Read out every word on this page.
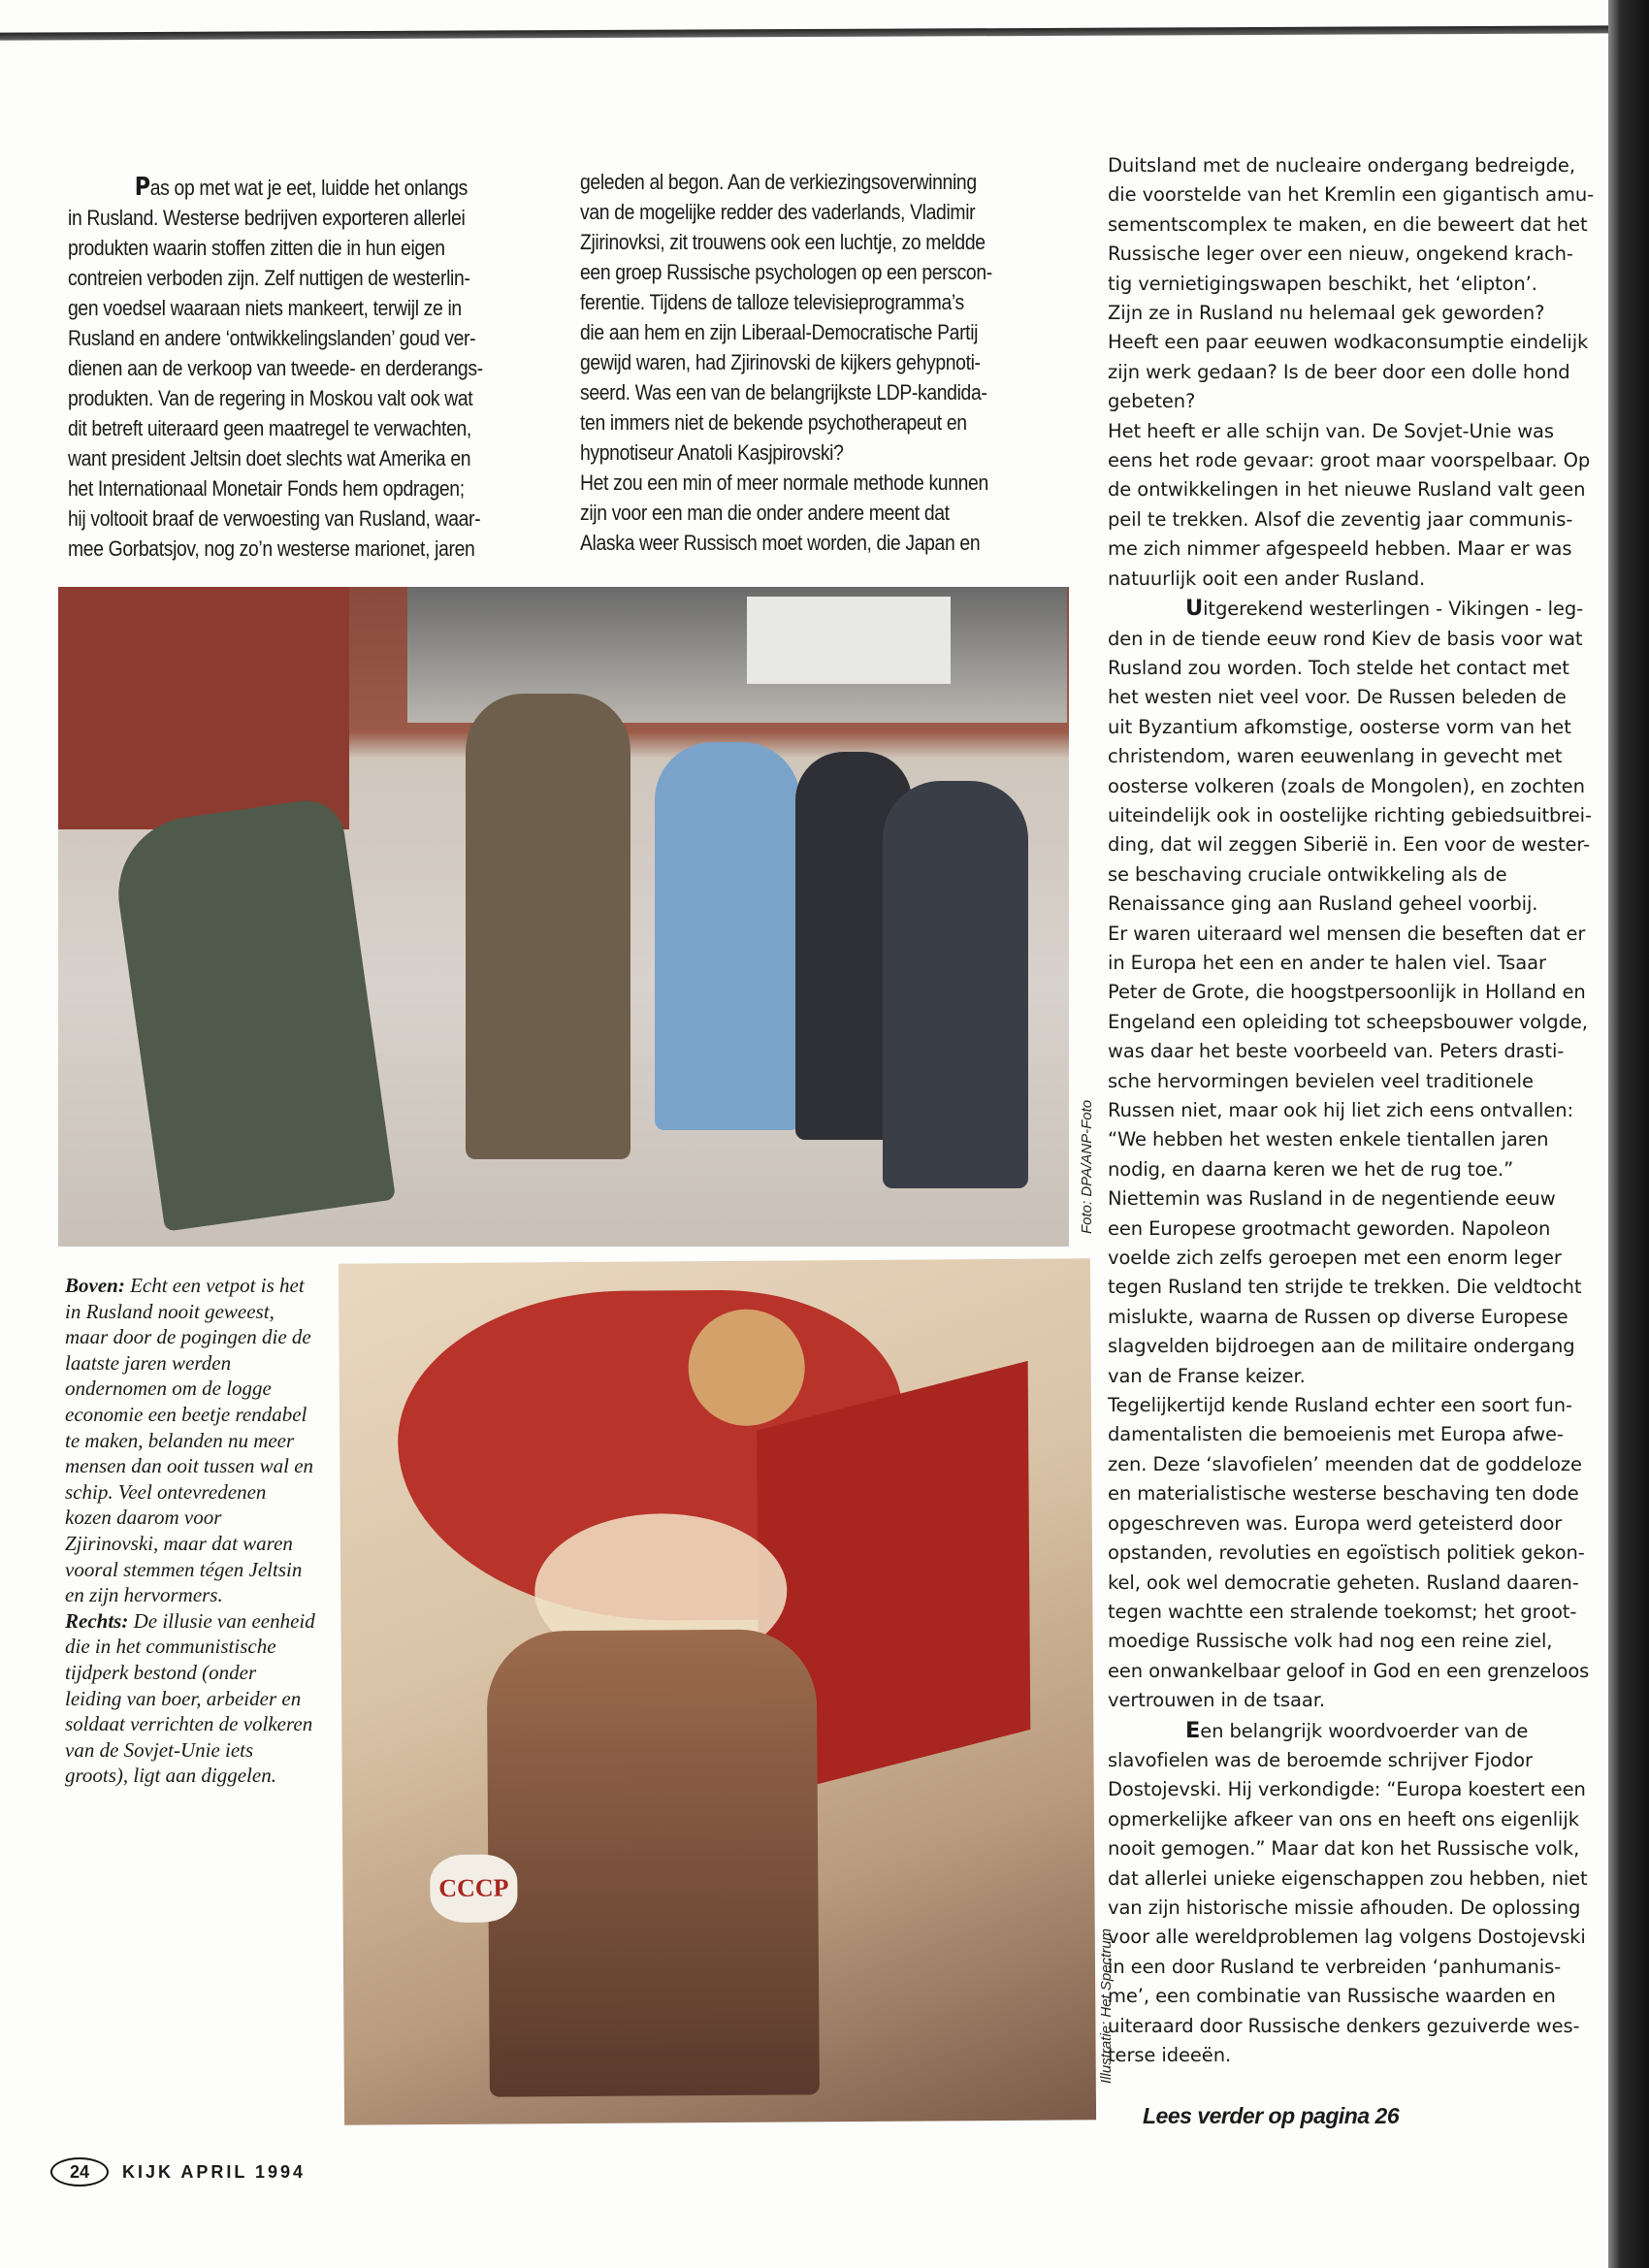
Pas op met wat je eet, luidde het onlangs
in Rusland. Westerse bedrijven exporteren allerlei
produkten waarin stoffen zitten die in hun eigen
contreien verboden zijn. Zelf nuttigen de westerlin-
gen voedsel waaraan niets mankeert, terwijl ze in
Rusland en andere ‘ontwikkelingslanden’ goud ver-
dienen aan de verkoop van tweede- en derderangs-
produkten. Van de regering in Moskou valt ook wat
dit betreft uiteraard geen maatregel te verwachten,
want president Jeltsin doet slechts wat Amerika en
het Internationaal Monetair Fonds hem opdragen;
hij voltooit braaf de verwoesting van Rusland, waar-
mee Gorbatsjov, nog zo’n westerse marionet, jaren
geleden al begon. Aan de verkiezingsoverwinning
van de mogelijke redder des vaderlands, Vladimir
Zjirinovksi, zit trouwens ook een luchtje, zo meldde
een groep Russische psychologen op een perscon-
ferentie. Tijdens de talloze televisieprogramma’s
die aan hem en zijn Liberaal-Democratische Partij
gewijd waren, had Zjirinovski de kijkers gehypnoti-
seerd. Was een van de belangrijkste LDP-kandida-
ten immers niet de bekende psychotherapeut en
hypnotiseur Anatoli Kasjpirovski?
Het zou een min of meer normale methode kunnen
zijn voor een man die onder andere meent dat
Alaska weer Russisch moet worden, die Japan en
Duitsland met de nucleaire ondergang bedreigde,
die voorstelde van het Kremlin een gigantisch amu-
sementscomplex te maken, en die beweert dat het
Russische leger over een nieuw, ongekend krach-
tig vernietigingswapen beschikt, het ‘elipton’.
Zijn ze in Rusland nu helemaal gek geworden?
Heeft een paar eeuwen wodkaconsumptie eindelijk
zijn werk gedaan? Is de beer door een dolle hond
gebeten?
Het heeft er alle schijn van. De Sovjet-Unie was
eens het rode gevaar: groot maar voorspelbaar. Op
de ontwikkelingen in het nieuwe Rusland valt geen
peil te trekken. Alsof die zeventig jaar communis-
me zich nimmer afgespeeld hebben. Maar er was
natuurlijk ooit een ander Rusland.
Uitgerekend westerlingen - Vikingen - leg-
den in de tiende eeuw rond Kiev de basis voor wat
Rusland zou worden. Toch stelde het contact met
het westen niet veel voor. De Russen beleden de
uit Byzantium afkomstige, oosterse vorm van het
christendom, waren eeuwenlang in gevecht met
oosterse volkeren (zoals de Mongolen), en zochten
uiteindelijk ook in oostelijke richting gebiedsuitbrei-
ding, dat wil zeggen Siberië in. Een voor de wester-
se beschaving cruciale ontwikkeling als de
Renaissance ging aan Rusland geheel voorbij.
Er waren uiteraard wel mensen die beseften dat er
in Europa het een en ander te halen viel. Tsaar
Peter de Grote, die hoogstpersoonlijk in Holland en
Engeland een opleiding tot scheepsbouwer volgde,
was daar het beste voorbeeld van. Peters drasti-
sche hervormingen bevielen veel traditionele
Russen niet, maar ook hij liet zich eens ontvallen:
“We hebben het westen enkele tientallen jaren
nodig, en daarna keren we het de rug toe.”
Niettemin was Rusland in de negentiende eeuw
een Europese grootmacht geworden. Napoleon
voelde zich zelfs geroepen met een enorm leger
tegen Rusland ten strijde te trekken. Die veldtocht
mislukte, waarna de Russen op diverse Europese
slagvelden bijdroegen aan de militaire ondergang
van de Franse keizer.
Tegelijkertijd kende Rusland echter een soort fun-
damentalisten die bemoeienis met Europa afwe-
zen. Deze ‘slavofielen’ meenden dat de goddeloze
en materialistische westerse beschaving ten dode
opgeschreven was. Europa werd geteisterd door
opstanden, revoluties en egoïstisch politiek gekon-
kel, ook wel democratie geheten. Rusland daaren-
tegen wachtte een stralende toekomst; het groot-
moedige Russische volk had nog een reine ziel,
een onwankelbaar geloof in God en een grenzeloos
vertrouwen in de tsaar.
Een belangrijk woordvoerder van de
slavofielen was de beroemde schrijver Fjodor
Dostojevski. Hij verkondigde: “Europa koestert een
opmerkelijke afkeer van ons en heeft ons eigenlijk
nooit gemogen.” Maar dat kon het Russische volk,
dat allerlei unieke eigenschappen zou hebben, niet
van zijn historische missie afhouden. De oplossing
voor alle wereldproblemen lag volgens Dostojevski
in een door Rusland te verbreiden ‘panhumanis-
me’, een combinatie van Russische waarden en
uiteraard door Russische denkers gezuiverde wes-
terse ideeën.
Foto: DPA/ANP-Foto
Boven: Echt een vetpot is het in Rusland nooit geweest, maar door de pogingen die de laatste jaren werden ondernomen om de logge economie een beetje rendabel te maken, belanden nu meer mensen dan ooit tussen wal en schip. Veel ontevredenen kozen daarom voor Zjirinovski, maar dat waren vooral stemmen tégen Jeltsin en zijn hervormers.
Rechts: De illusie van eenheid die in het communistische tijdperk bestond (onder leiding van boer, arbeider en soldaat verrichten de volkeren van de Sovjet-Unie iets groots), ligt aan diggelen.
CCCP
Illustratie: Het Spectrum
Lees verder op pagina 26
24	KIJK APRIL 1994
